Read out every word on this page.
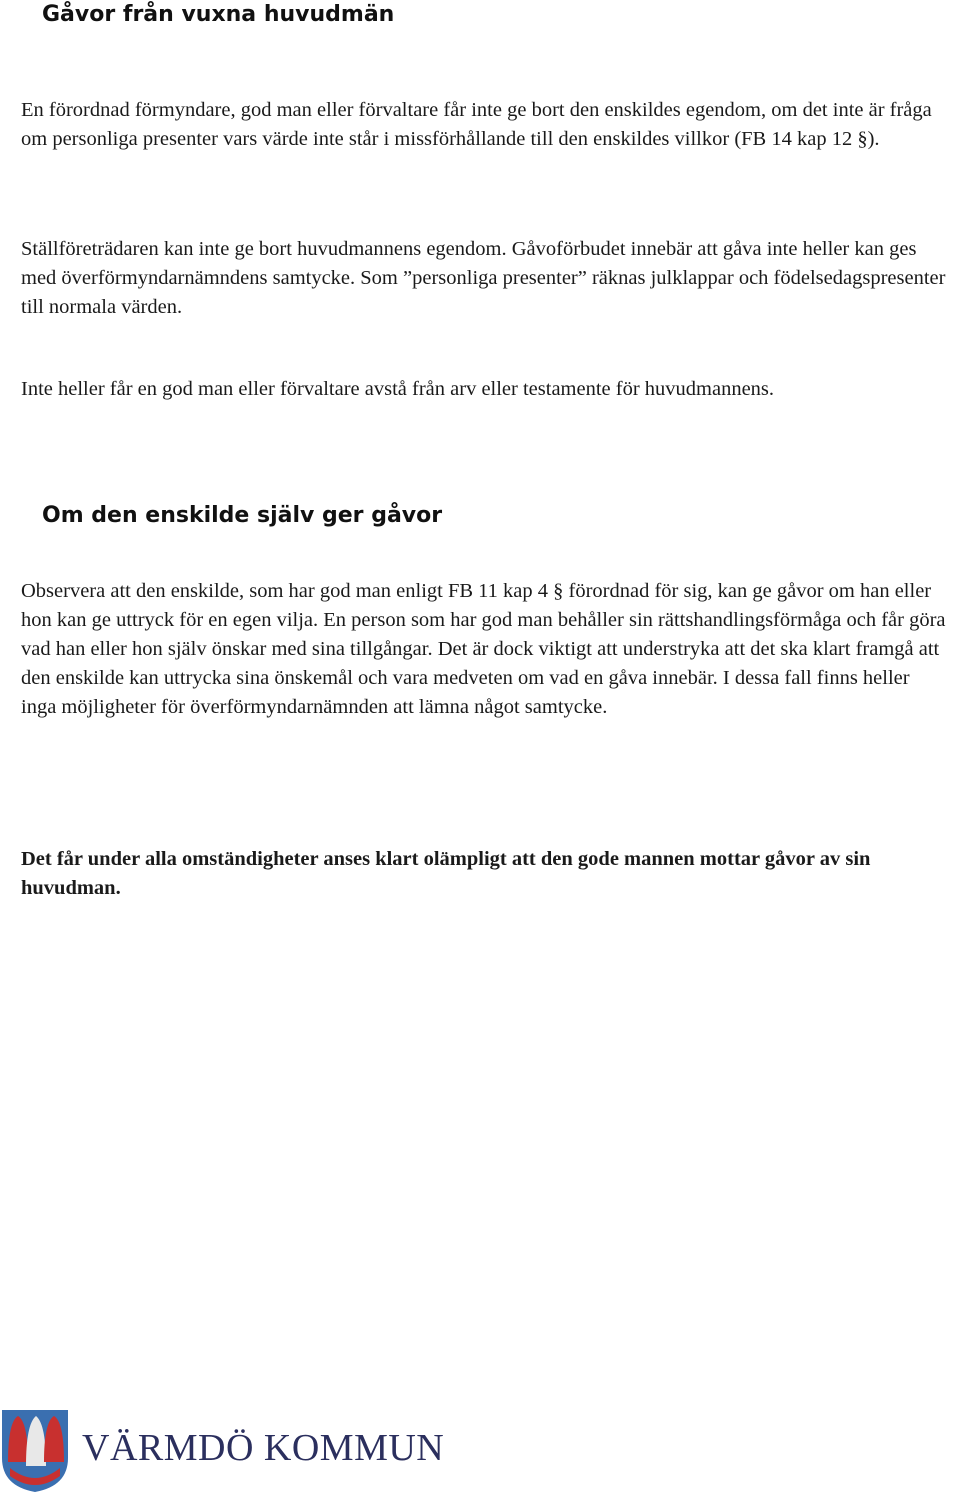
Gåvor från vuxna huvudmän

En förordnad förmyndare, god man eller förvaltare får inte ge bort den enskildes egendom, om det inte är fråga om personliga presenter vars värde inte står i missförhållande till den enskildes villkor (FB 14 kap 12 §).

Ställföreträdaren kan inte ge bort huvudmannens egendom. Gåvoförbudet innebär att gåva inte heller kan ges med överförmyndarnämndens samtycke. Som ”personliga presenter” räknas julklappar och födelsedagspresenter till normala värden.

Inte heller får en god man eller förvaltare avstå från arv eller testamente för huvudmannens.

Om den enskilde själv ger gåvor

Observera att den enskilde, som har god man enligt FB 11 kap 4 § förordnad för sig, kan ge gåvor om han eller hon kan ge uttryck för en egen vilja. En person som har god man behåller sin rättshandlingsförmåga och får göra vad han eller hon själv önskar med sina tillgångar. Det är dock viktigt att understryka att det ska klart framgå att den enskilde kan uttrycka sina önskemål och vara medveten om vad en gåva innebär. I dessa fall finns heller inga möjligheter för överförmyndarnämnden att lämna något samtycke.

Det får under alla omständigheter anses klart olämpligt att den gode mannen mottar gåvor av sin huvudman.

VÄRMDÖ KOMMUN
